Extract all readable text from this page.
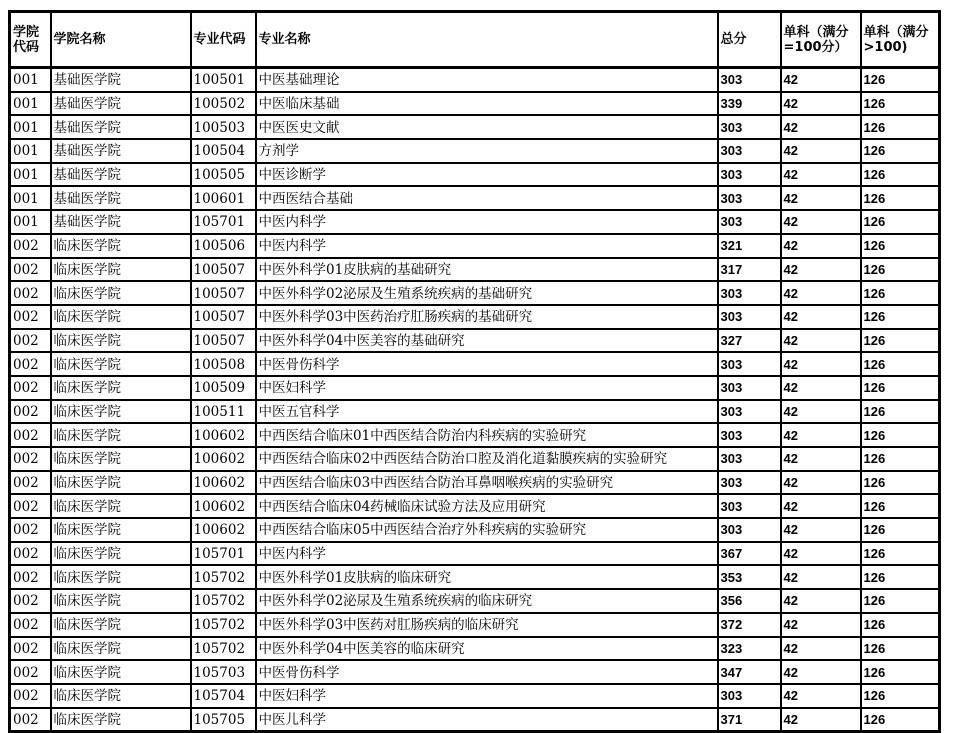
学院代码	学院名称	专业代码	专业名称	总分	单科（满分=100分）	单科（满分>100)
001	基础医学院	100501	中医基础理论	303	42	126
001	基础医学院	100502	中医临床基础	339	42	126
001	基础医学院	100503	中医医史文献	303	42	126
001	基础医学院	100504	方剂学	303	42	126
001	基础医学院	100505	中医诊断学	303	42	126
001	基础医学院	100601	中西医结合基础	303	42	126
001	基础医学院	105701	中医内科学	303	42	126
002	临床医学院	100506	中医内科学	321	42	126
002	临床医学院	100507	中医外科学01皮肤病的基础研究	317	42	126
002	临床医学院	100507	中医外科学02泌尿及生殖系统疾病的基础研究	303	42	126
002	临床医学院	100507	中医外科学03中医药治疗肛肠疾病的基础研究	303	42	126
002	临床医学院	100507	中医外科学04中医美容的基础研究	327	42	126
002	临床医学院	100508	中医骨伤科学	303	42	126
002	临床医学院	100509	中医妇科学	303	42	126
002	临床医学院	100511	中医五官科学	303	42	126
002	临床医学院	100602	中西医结合临床01中西医结合防治内科疾病的实验研究	303	42	126
002	临床医学院	100602	中西医结合临床02中西医结合防治口腔及消化道黏膜疾病的实验研究	303	42	126
002	临床医学院	100602	中西医结合临床03中西医结合防治耳鼻咽喉疾病的实验研究	303	42	126
002	临床医学院	100602	中西医结合临床04药械临床试验方法及应用研究	303	42	126
002	临床医学院	100602	中西医结合临床05中西医结合治疗外科疾病的实验研究	303	42	126
002	临床医学院	105701	中医内科学	367	42	126
002	临床医学院	105702	中医外科学01皮肤病的临床研究	353	42	126
002	临床医学院	105702	中医外科学02泌尿及生殖系统疾病的临床研究	356	42	126
002	临床医学院	105702	中医外科学03中医药对肛肠疾病的临床研究	372	42	126
002	临床医学院	105702	中医外科学04中医美容的临床研究	323	42	126
002	临床医学院	105703	中医骨伤科学	347	42	126
002	临床医学院	105704	中医妇科学	303	42	126
002	临床医学院	105705	中医儿科学	371	42	126
